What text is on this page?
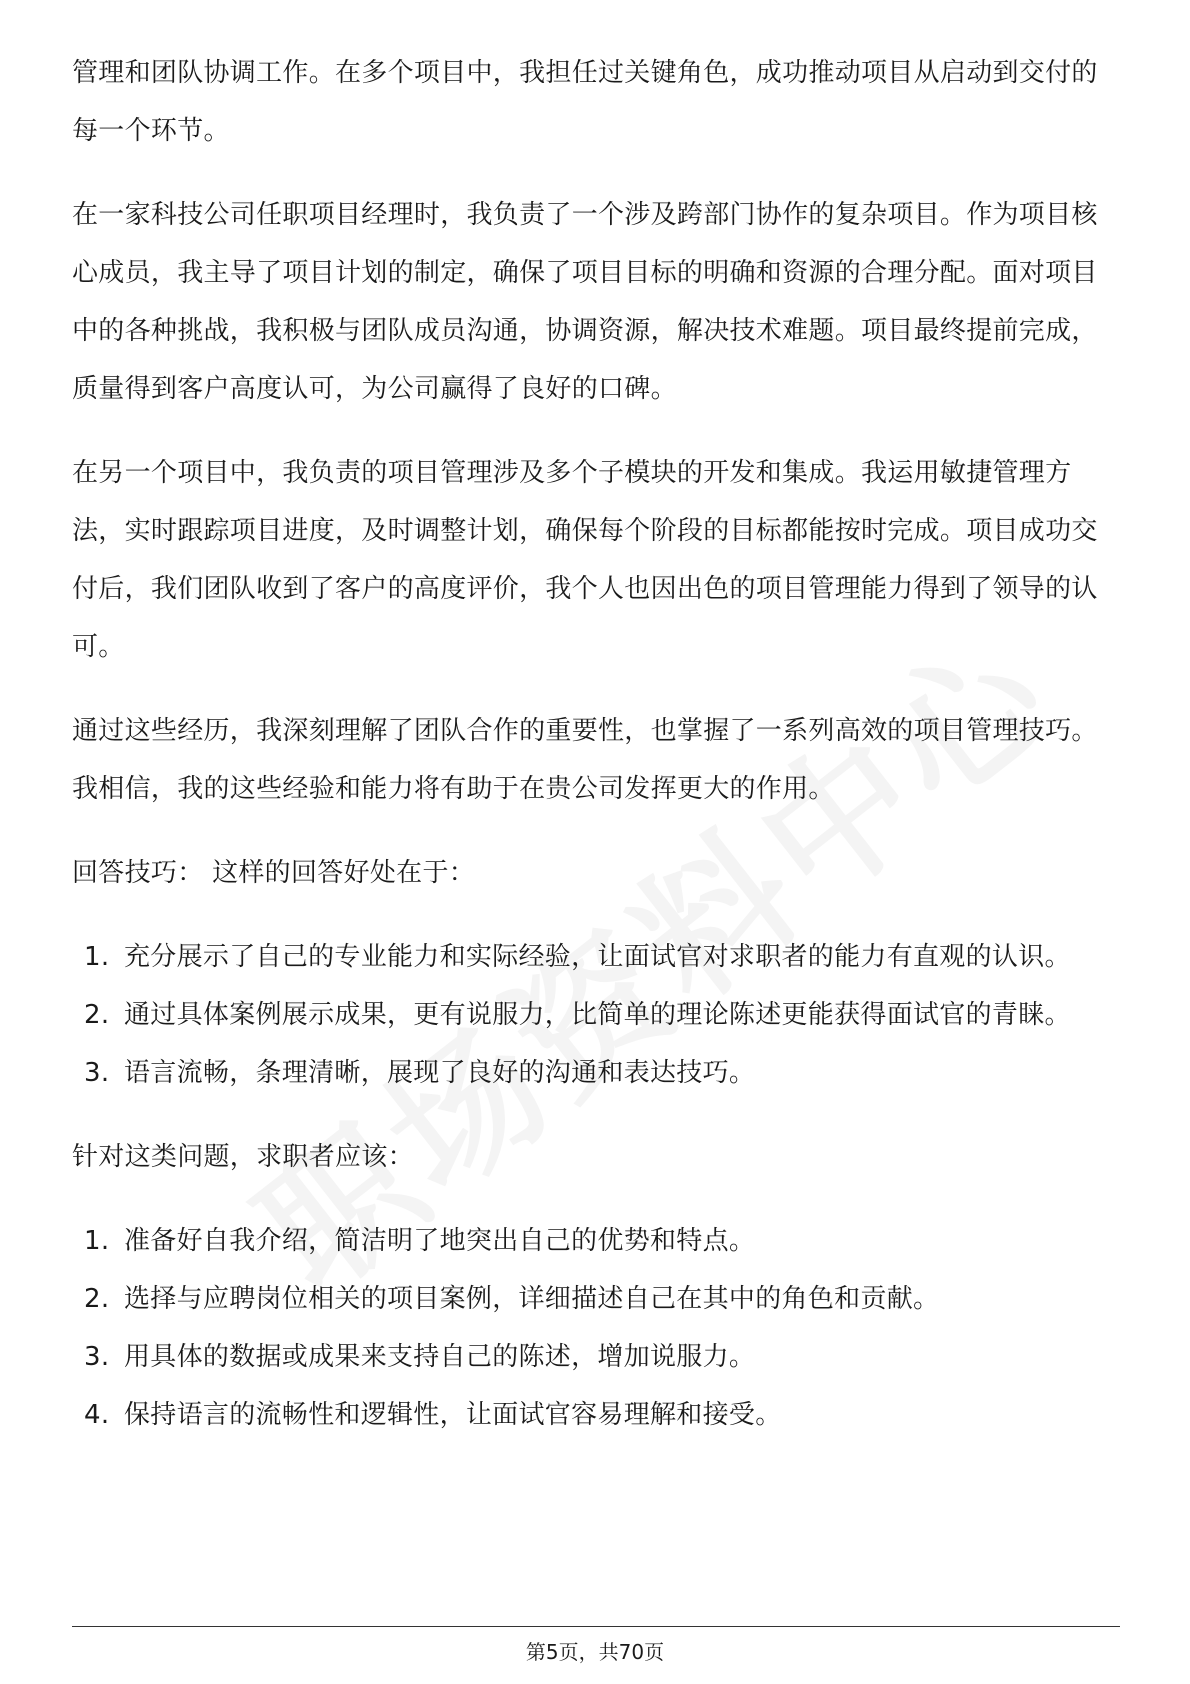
管理和团队协调工作。在多个项目中，我担任过关键角色，成功推动项目从启动到交付的每一个环节。

在一家科技公司任职项目经理时，我负责了一个涉及跨部门协作的复杂项目。作为项目核心成员，我主导了项目计划的制定，确保了项目目标的明确和资源的合理分配。面对项目中的各种挑战，我积极与团队成员沟通，协调资源，解决技术难题。项目最终提前完成，质量得到客户高度认可，为公司赢得了良好的口碑。

在另一个项目中，我负责的项目管理涉及多个子模块的开发和集成。我运用敏捷管理方法，实时跟踪项目进度，及时调整计划，确保每个阶段的目标都能按时完成。项目成功交付后，我们团队收到了客户的高度评价，我个人也因出色的项目管理能力得到了领导的认可。

通过这些经历，我深刻理解了团队合作的重要性，也掌握了一系列高效的项目管理技巧。我相信，我的这些经验和能力将有助于在贵公司发挥更大的作用。

回答技巧： 这样的回答好处在于：

1. 充分展示了自己的专业能力和实际经验，让面试官对求职者的能力有直观的认识。
2. 通过具体案例展示成果，更有说服力，比简单的理论陈述更能获得面试官的青睐。
3. 语言流畅，条理清晰，展现了良好的沟通和表达技巧。

针对这类问题，求职者应该：

1. 准备好自我介绍，简洁明了地突出自己的优势和特点。
2. 选择与应聘岗位相关的项目案例，详细描述自己在其中的角色和贡献。
3. 用具体的数据或成果来支持自己的陈述，增加说服力。
4. 保持语言的流畅性和逻辑性，让面试官容易理解和接受。
第5页，共70页
